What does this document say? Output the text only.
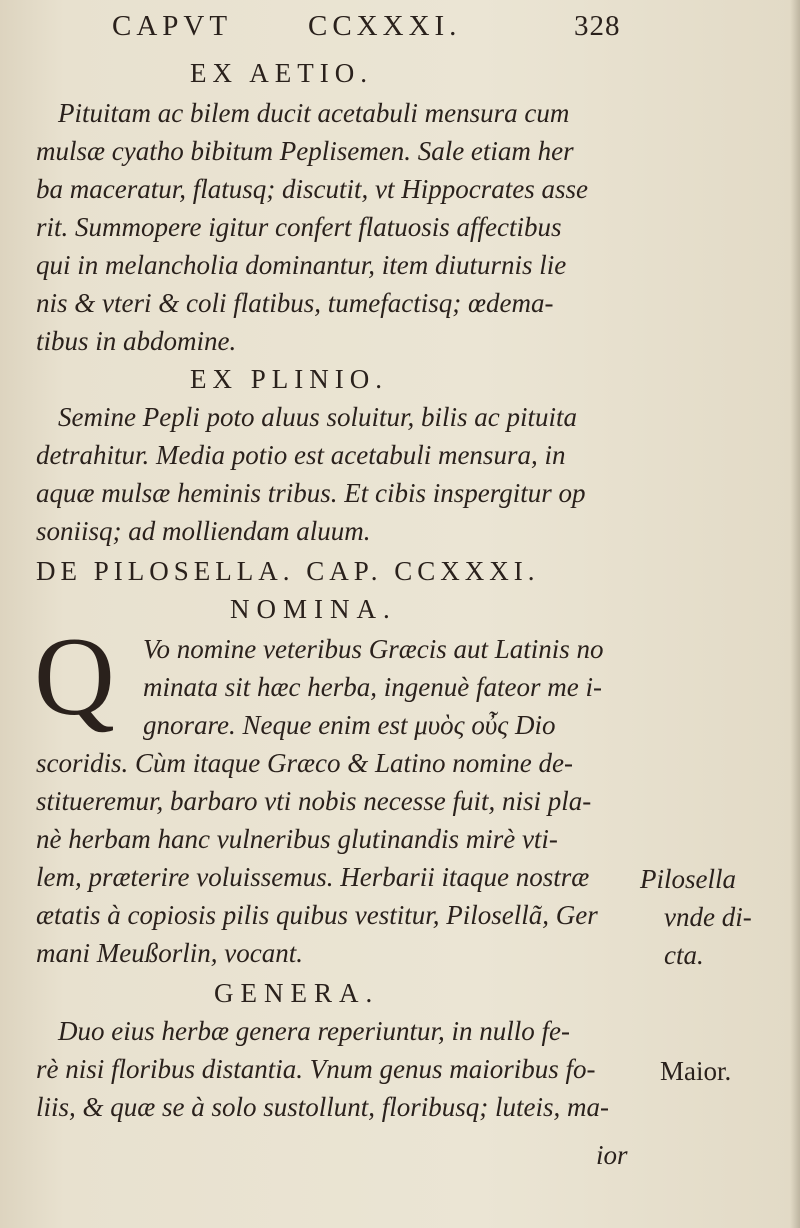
CAPVT	CCXXXI.	328
EX AETIO.
Pituitam ac bilem ducit acetabuli mensura cum
mulsæ cyatho bibitum Peplisemen. Sale etiam her
ba maceratur, flatusq; discutit, vt Hippocrates asse
rit. Summopere igitur confert flatuosis affectibus
qui in melancholia dominantur, item diuturnis lie
nis & vteri & coli flatibus, tumefactisq; œdema-
tibus in abdomine.
EX PLINIO.
Semine Pepli poto aluus soluitur, bilis ac pituita
detrahitur. Media potio est acetabuli mensura, in
aquæ mulsæ heminis tribus. Et cibis inspergitur op
soniisq; ad molliendam aluum.
DE PILOSELLA. CAP. CCXXXI.
NOMINA.
Q Vo nomine veteribus Græcis aut Latinis no
minata sit hæc herba, ingenuè fateor me i-
gnorare. Neque enim est μυὸς οὖς Dio
scoridis. Cùm itaque Græco & Latino nomine de-
stitueremur, barbaro vti nobis necesse fuit, nisi pla-
nè herbam hanc vulneribus glutinandis mirè vti-
lem, præterire voluissemus. Herbarii itaque nostræ
ætatis à copiosis pilis quibus vestitur, Pilosellã, Ger
mani Meußorlin, vocant.
Pilosella
vnde di-
cta.
GENERA.
Duo eius herbæ genera reperiuntur, in nullo fe-
rè nisi floribus distantia. Vnum genus maioribus fo-
liis, & quæ se à solo sustollunt, floribusq; luteis, ma-
ior
Maior.
